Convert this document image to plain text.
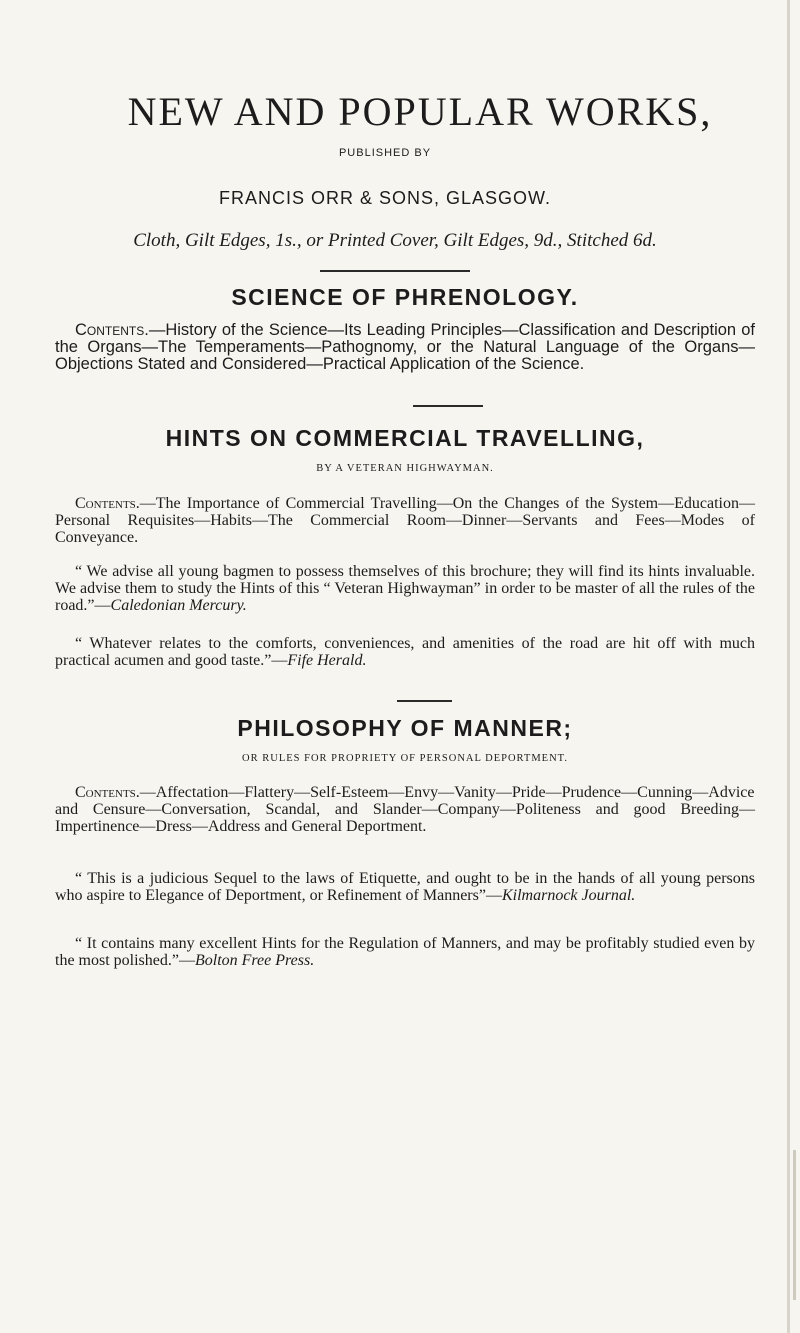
NEW AND POPULAR WORKS,
PUBLISHED BY
FRANCIS ORR & SONS, GLASGOW.
Cloth, Gilt Edges, 1s., or Printed Cover, Gilt Edges, 9d., Stitched 6d.
SCIENCE OF PHRENOLOGY.
Contents.—History of the Science—Its Leading Principles—Classification and Description of the Organs—The Temperaments—Pathognomy, or the Natural Language of the Organs—Objections Stated and Considered—Practical Application of the Science.
HINTS ON COMMERCIAL TRAVELLING,
BY A VETERAN HIGHWAYMAN.
Contents.—The Importance of Commercial Travelling—On the Changes of the System—Education—Personal Requisites—Habits—The Commercial Room—Dinner—Servants and Fees—Modes of Conveyance.
“ We advise all young bagmen to possess themselves of this brochure; they will find its hints invaluable. We advise them to study the Hints of this “ Veteran Highwayman” in order to be master of all the rules of the road.”—Caledonian Mercury.
“ Whatever relates to the comforts, conveniences, and amenities of the road are hit off with much practical acumen and good taste.”—Fife Herald.
PHILOSOPHY OF MANNER;
OR RULES FOR PROPRIETY OF PERSONAL DEPORTMENT.
Contents.—Affectation—Flattery—Self-Esteem—Envy—Vanity—Pride—Prudence—Cunning—Advice and Censure—Conversation, Scandal, and Slander—Company—Politeness and good Breeding—Impertinence—Dress—Address and General Deportment.
“ This is a judicious Sequel to the laws of Etiquette, and ought to be in the hands of all young persons who aspire to Elegance of Deportment, or Refinement of Manners”—Kilmarnock Journal.
“ It contains many excellent Hints for the Regulation of Manners, and may be profitably studied even by the most polished.”—Bolton Free Press.
